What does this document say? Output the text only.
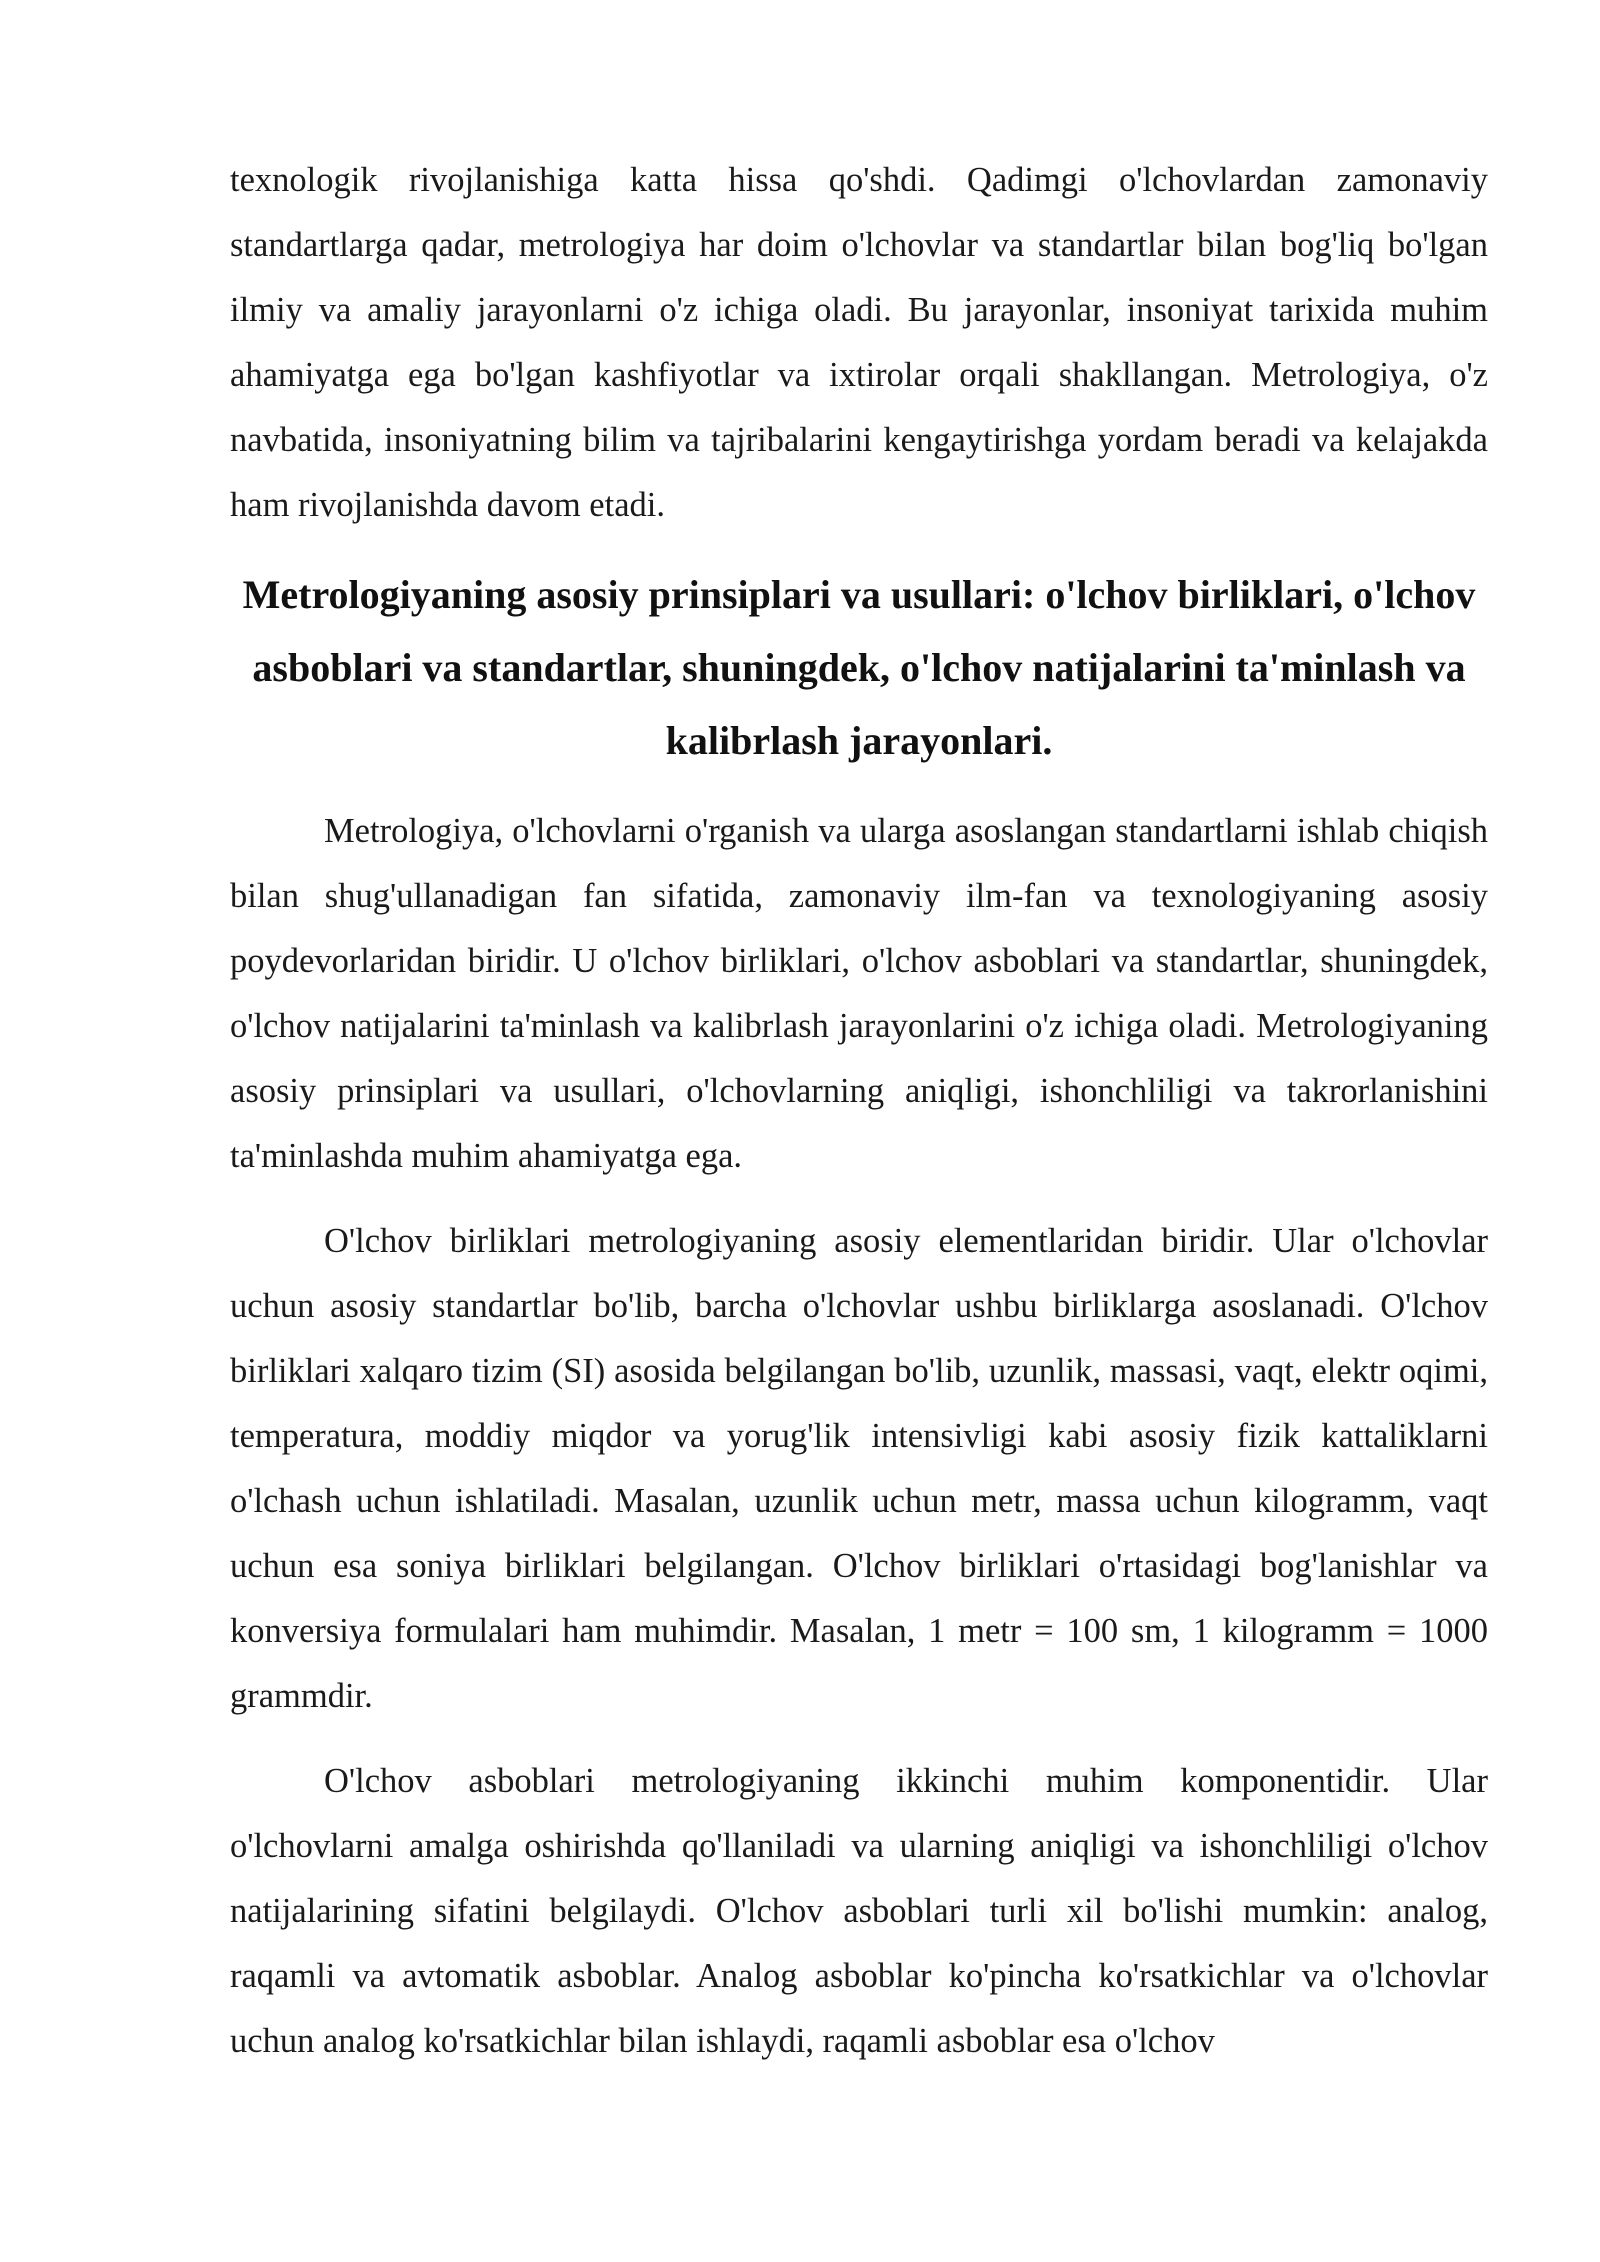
texnologik rivojlanishiga katta hissa qo'shdi. Qadimgi o'lchovlardan zamonaviy standartlarga qadar, metrologiya har doim o'lchovlar va standartlar bilan bog'liq bo'lgan ilmiy va amaliy jarayonlarni o'z ichiga oladi. Bu jarayonlar, insoniyat tarixida muhim ahamiyatga ega bo'lgan kashfiyotlar va ixtirolar orqali shakllangan. Metrologiya, o'z navbatida, insoniyatning bilim va tajribalarini kengaytirishga yordam beradi va kelajakda ham rivojlanishda davom etadi.

Metrologiyaning asosiy prinsiplari va usullari: o'lchov birliklari, o'lchov asboblari va standartlar, shuningdek, o'lchov natijalarini ta'minlash va kalibrlash jarayonlari.

Metrologiya, o'lchovlarni o'rganish va ularga asoslangan standartlarni ishlab chiqish bilan shug'ullanadigan fan sifatida, zamonaviy ilm-fan va texnologiyaning asosiy poydevorlaridan biridir. U o'lchov birliklari, o'lchov asboblari va standartlar, shuningdek, o'lchov natijalarini ta'minlash va kalibrlash jarayonlarini o'z ichiga oladi. Metrologiyaning asosiy prinsiplari va usullari, o'lchovlarning aniqligi, ishonchliligi va takrorlanishini ta'minlashda muhim ahamiyatga ega.

O'lchov birliklari metrologiyaning asosiy elementlaridan biridir. Ular o'lchovlar uchun asosiy standartlar bo'lib, barcha o'lchovlar ushbu birliklarga asoslanadi. O'lchov birliklari xalqaro tizim (SI) asosida belgilangan bo'lib, uzunlik, massasi, vaqt, elektr oqimi, temperatura, moddiy miqdor va yorug'lik intensivligi kabi asosiy fizik kattaliklarni o'lchash uchun ishlatiladi. Masalan, uzunlik uchun metr, massa uchun kilogramm, vaqt uchun esa soniya birliklari belgilangan. O'lchov birliklari o'rtasidagi bog'lanishlar va konversiya formulalari ham muhimdir. Masalan, 1 metr = 100 sm, 1 kilogramm = 1000 grammdir.

O'lchov asboblari metrologiyaning ikkinchi muhim komponentidir. Ular o'lchovlarni amalga oshirishda qo'llaniladi va ularning aniqligi va ishonchliligi o'lchov natijalarining sifatini belgilaydi. O'lchov asboblari turli xil bo'lishi mumkin: analog, raqamli va avtomatik asboblar. Analog asboblar ko'pincha ko'rsatkichlar va o'lchovlar uchun analog ko'rsatkichlar bilan ishlaydi, raqamli asboblar esa o'lchov
